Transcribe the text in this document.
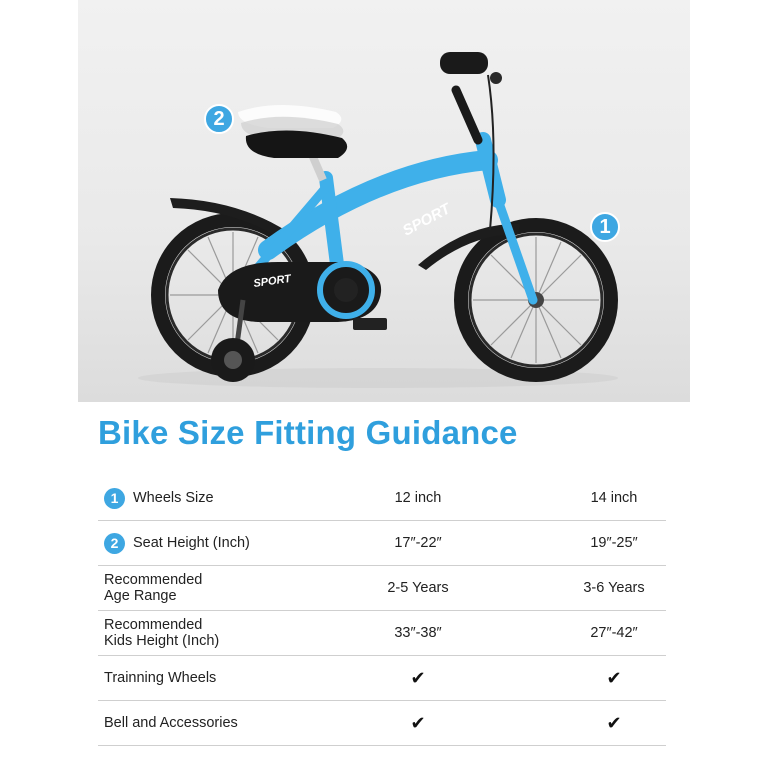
SPORT
SPORT
2
1
Bike Size Fitting Guidance
1	Wheels Size	12 inch	14 inch
2	Seat Height (Inch)	17″-22″	19″-25″
Recommended
Age Range	2-5 Years	3-6 Years
Recommended
Kids Height (Inch)	33″-38″	27″-42″
Trainning Wheels	✔	✔
Bell and Accessories	✔	✔
